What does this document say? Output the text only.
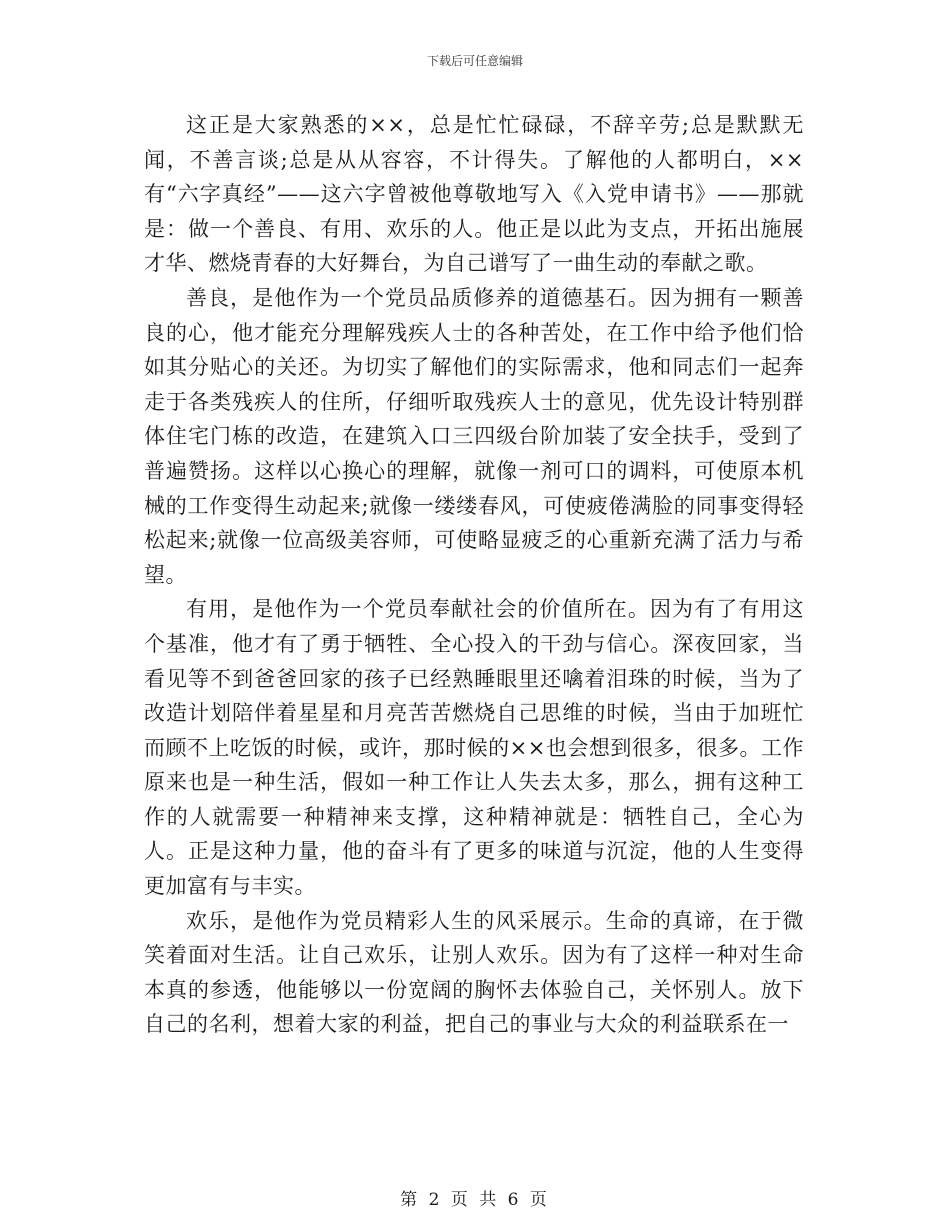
下载后可任意编辑

这正是大家熟悉的××，总是忙忙碌碌，不辞辛劳;总是默默无闻，不善言谈;总是从从容容，不计得失。了解他的人都明白，××有“六字真经”——这六字曾被他尊敬地写入《入党申请书》——那就是：做一个善良、有用、欢乐的人。他正是以此为支点，开拓出施展才华、燃烧青春的大好舞台，为自己谱写了一曲生动的奉献之歌。

善良，是他作为一个党员品质修养的道德基石。因为拥有一颗善良的心，他才能充分理解残疾人士的各种苦处，在工作中给予他们恰如其分贴心的关还。为切实了解他们的实际需求，他和同志们一起奔走于各类残疾人的住所，仔细听取残疾人士的意见，优先设计特别群体住宅门栋的改造，在建筑入口三四级台阶加装了安全扶手，受到了普遍赞扬。这样以心换心的理解，就像一剂可口的调料，可使原本机械的工作变得生动起来;就像一缕缕春风，可使疲倦满脸的同事变得轻松起来;就像一位高级美容师，可使略显疲乏的心重新充满了活力与希望。

有用，是他作为一个党员奉献社会的价值所在。因为有了有用这个基准，他才有了勇于牺牲、全心投入的干劲与信心。深夜回家，当看见等不到爸爸回家的孩子已经熟睡眼里还噙着泪珠的时候，当为了改造计划陪伴着星星和月亮苦苦燃烧自己思维的时候，当由于加班忙而顾不上吃饭的时候，或许，那时候的××也会想到很多，很多。工作原来也是一种生活，假如一种工作让人失去太多，那么，拥有这种工作的人就需要一种精神来支撑，这种精神就是：牺牲自己，全心为人。正是这种力量，他的奋斗有了更多的味道与沉淀，他的人生变得更加富有与丰实。

欢乐，是他作为党员精彩人生的风采展示。生命的真谛，在于微笑着面对生活。让自己欢乐，让别人欢乐。因为有了这样一种对生命本真的参透，他能够以一份宽阔的胸怀去体验自己，关怀别人。放下自己的名利，想着大家的利益，把自己的事业与大众的利益联系在一

第 2 页 共 6 页
